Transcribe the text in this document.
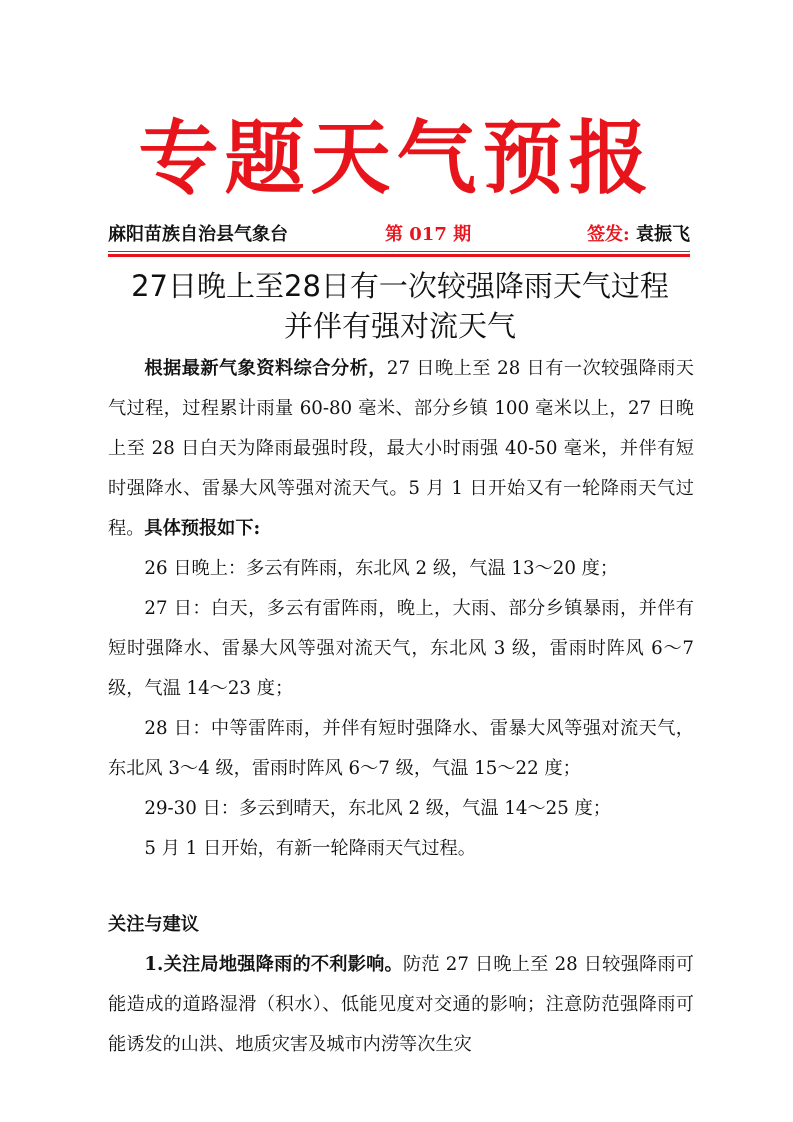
专题天气预报
麻阳苗族自治县气象台	第 017 期	签发: 袁振飞
27日晚上至28日有一次较强降雨天气过程
并伴有强对流天气

根据最新气象资料综合分析，27 日晚上至 28 日有一次较强降雨天气过程，过程累计雨量 60-80 毫米、部分乡镇 100 毫米以上，27 日晚上至 28 日白天为降雨最强时段，最大小时雨强 40-50 毫米，并伴有短时强降水、雷暴大风等强对流天气。5 月 1 日开始又有一轮降雨天气过程。具体预报如下:

26 日晚上：多云有阵雨，东北风 2 级，气温 13～20 度；

27 日：白天，多云有雷阵雨，晚上，大雨、部分乡镇暴雨，并伴有短时强降水、雷暴大风等强对流天气，东北风 3 级，雷雨时阵风 6～7 级，气温 14～23 度；

28 日：中等雷阵雨，并伴有短时强降水、雷暴大风等强对流天气，东北风 3～4 级，雷雨时阵风 6～7 级，气温 15～22 度；

29-30 日：多云到晴天，东北风 2 级，气温 14～25 度；

5 月 1 日开始，有新一轮降雨天气过程。

关注与建议

1.关注局地强降雨的不利影响。防范 27 日晚上至 28 日较强降雨可能造成的道路湿滑（积水）、低能见度对交通的影响；注意防范强降雨可能诱发的山洪、地质灾害及城市内涝等次生灾
